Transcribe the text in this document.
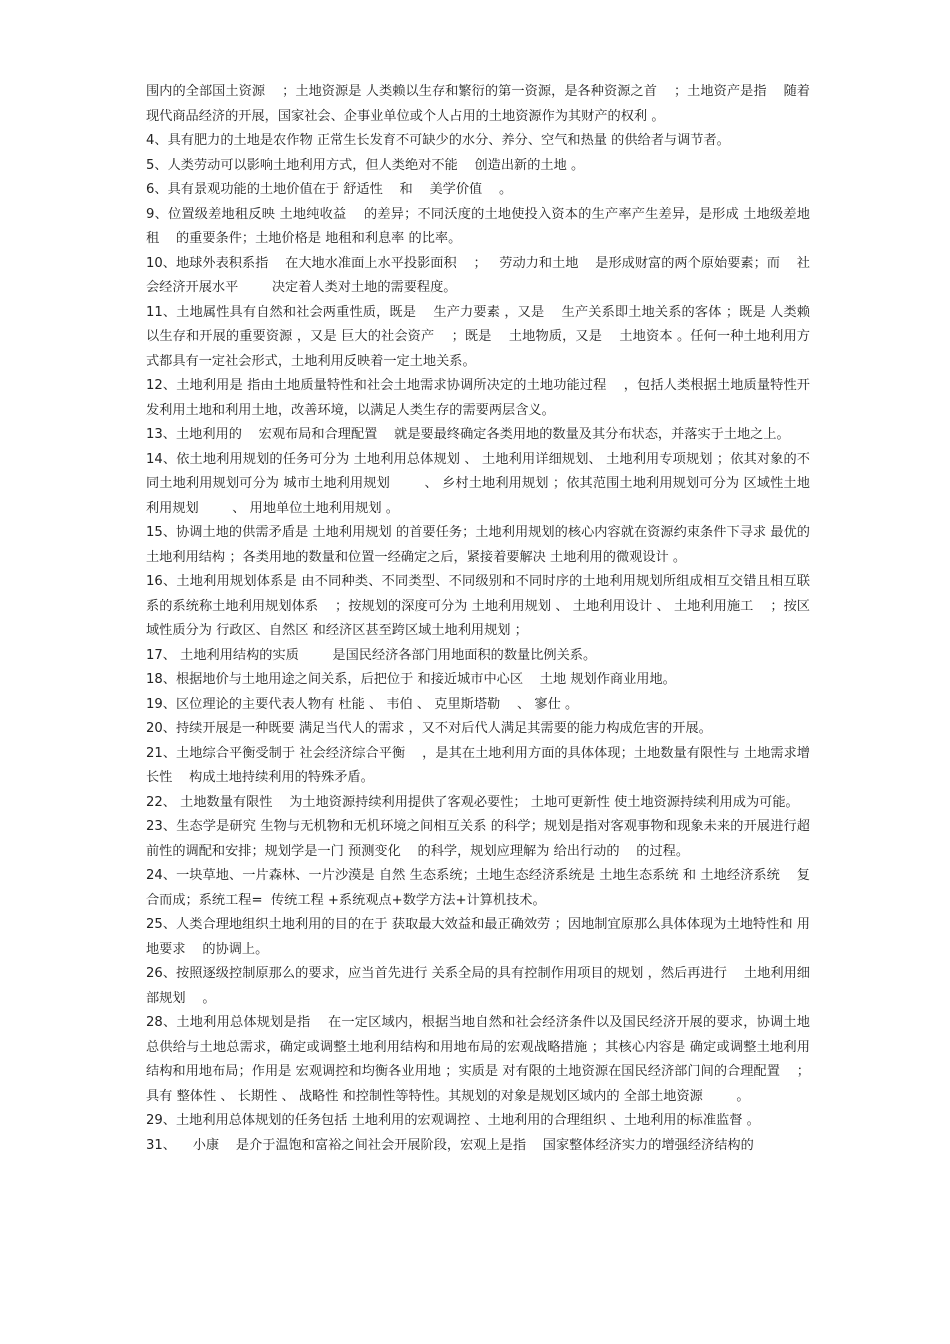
围内的全部国土资源    ；土地资源是 人类赖以生存和繁衍的第一资源，是各种资源之首    ；土地资产是指    随着现代商品经济的开展，国家社会、企事业单位或个人占用的土地资源作为其财产的权利 。

4、具有肥力的土地是农作物 正常生长发育不可缺少的水分、养分、空气和热量 的供给者与调节者。

5、人类劳动可以影响土地利用方式，但人类绝对不能    创造出新的土地 。

6、具有景观功能的土地价值在于 舒适性    和    美学价值    。

9、位置级差地租反映 土地纯收益    的差异；不同沃度的土地使投入资本的生产率产生差异，是形成 土地级差地租    的重要条件；土地价格是 地租和利息率 的比率。

10、地球外表积系指    在大地水准面上水平投影面积    ；   劳动力和土地    是形成财富的两个原始要素；而    社会经济开展水平        决定着人类对土地的需要程度。

11、土地属性具有自然和社会两重性质，既是    生产力要素 ，又是    生产关系即土地关系的客体 ；既是 人类赖以生存和开展的重要资源 ，又是 巨大的社会资产    ；既是    土地物质，又是    土地资本 。任何一种土地利用方式都具有一定社会形式，土地利用反映着一定土地关系。

12、土地利用是 指由土地质量特性和社会土地需求协调所决定的土地功能过程    ，包括人类根据土地质量特性开发利用土地和利用土地，改善环境，以满足人类生存的需要两层含义。

13、土地利用的    宏观布局和合理配置    就是要最终确定各类用地的数量及其分布状态，并落实于土地之上。

14、依土地利用规划的任务可分为 土地利用总体规划 、 土地利用详细规划、 土地利用专项规划 ；依其对象的不同土地利用规划可分为 城市土地利用规划        、 乡村土地利用规划 ；依其范围土地利用规划可分为 区域性土地利用规划        、 用地单位土地利用规划 。

15、协调土地的供需矛盾是 土地利用规划 的首要任务；土地利用规划的核心内容就在资源约束条件下寻求 最优的土地利用结构 ；各类用地的数量和位置一经确定之后，紧接着要解决 土地利用的微观设计 。

16、土地利用规划体系是 由不同种类、不同类型、不同级别和不同时序的土地利用规划所组成相互交错且相互联系的系统称土地利用规划体系    ；按规划的深度可分为 土地利用规划 、 土地利用设计 、 土地利用施工    ；按区域性质分为 行政区、自然区 和经济区甚至跨区域土地利用规划 ；

17、 土地利用结构的实质        是国民经济各部门用地面积的数量比例关系。

18、根据地价与土地用途之间关系，后把位于 和接近城市中心区    土地 规划作商业用地。

19、区位理论的主要代表人物有 杜能 、 韦伯 、 克里斯塔勒    、 寥仕 。

20、持续开展是一种既要 满足当代人的需求 ，又不对后代人满足其需要的能力构成危害的开展。

21、土地综合平衡受制于 社会经济综合平衡    ，是其在土地利用方面的具体体现；土地数量有限性与 土地需求增长性    构成土地持续利用的特殊矛盾。

22、 土地数量有限性    为土地资源持续利用提供了客观必要性； 土地可更新性 使土地资源持续利用成为可能。

23、生态学是研究 生物与无机物和无机环境之间相互关系 的科学；规划是指对客观事物和现象未来的开展进行超 前性的调配和安排；规划学是一门 预测变化    的科学，规划应理解为 给出行动的    的过程。

24、一块草地、一片森林、一片沙漠是 自然 生态系统；土地生态经济系统是 土地生态系统 和 土地经济系统    复合而成；系统工程=  传统工程 +系统观点+数学方法+计算机技术。

25、人类合理地组织土地利用的目的在于 获取最大效益和最正确效劳 ；因地制宜原那么具体体现为土地特性和 用地要求    的协调上。

26、按照逐级控制原那么的要求，应当首先进行 关系全局的具有控制作用项目的规划 ，然后再进行    土地利用细部规划    。

28、土地利用总体规划是指    在一定区域内，根据当地自然和社会经济条件以及国民经济开展的要求，协调土地总供给与土地总需求，确定或调整土地利用结构和用地布局的宏观战略措施 ；其核心内容是 确定或调整土地利用结构和用地布局；作用是 宏观调控和均衡各业用地 ；实质是 对有限的土地资源在国民经济部门间的合理配置    ；具有 整体性 、 长期性 、 战略性 和控制性等特性。其规划的对象是规划区域内的 全部土地资源        。

29、土地利用总体规划的任务包括 土地利用的宏观调控 、土地利用的合理组织 、土地利用的标准监督 。

31、    小康    是介于温饱和富裕之间社会开展阶段，宏观上是指    国家整体经济实力的增强经济结构的
